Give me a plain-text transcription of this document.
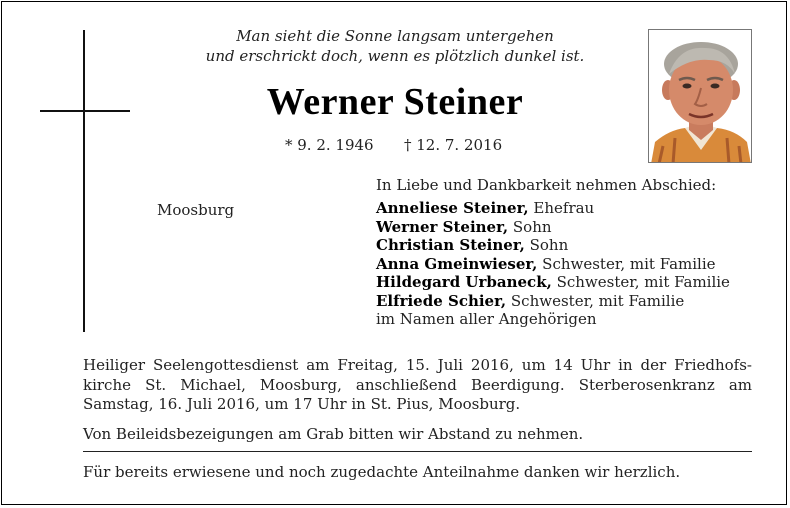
Man sieht die Sonne langsam untergehen
und erschrickt doch, wenn es plötzlich dunkel ist.
Werner Steiner
* 9. 2. 1946 † 12. 7. 2016
In Liebe und Dankbarkeit nehmen Abschied:
Moosburg	Anneliese Steiner, Ehefrau
Werner Steiner, Sohn
Christian Steiner, Sohn
Anna Gmeinwieser, Schwester, mit Familie
Hildegard Urbaneck, Schwester, mit Familie
Elfriede Schier, Schwester, mit Familie
im Namen aller Angehörigen
Heiliger Seelengottesdienst am Freitag, 15. Juli 2016, um 14 Uhr in der Friedhofs-kirche St. Michael, Moosburg, anschließend Beerdigung. Sterberosenkranz am Samstag, 16. Juli 2016, um 17 Uhr in St. Pius, Moosburg.
Von Beileidsbezeigungen am Grab bitten wir Abstand zu nehmen.
Für bereits erwiesene und noch zugedachte Anteilnahme danken wir herzlich.
